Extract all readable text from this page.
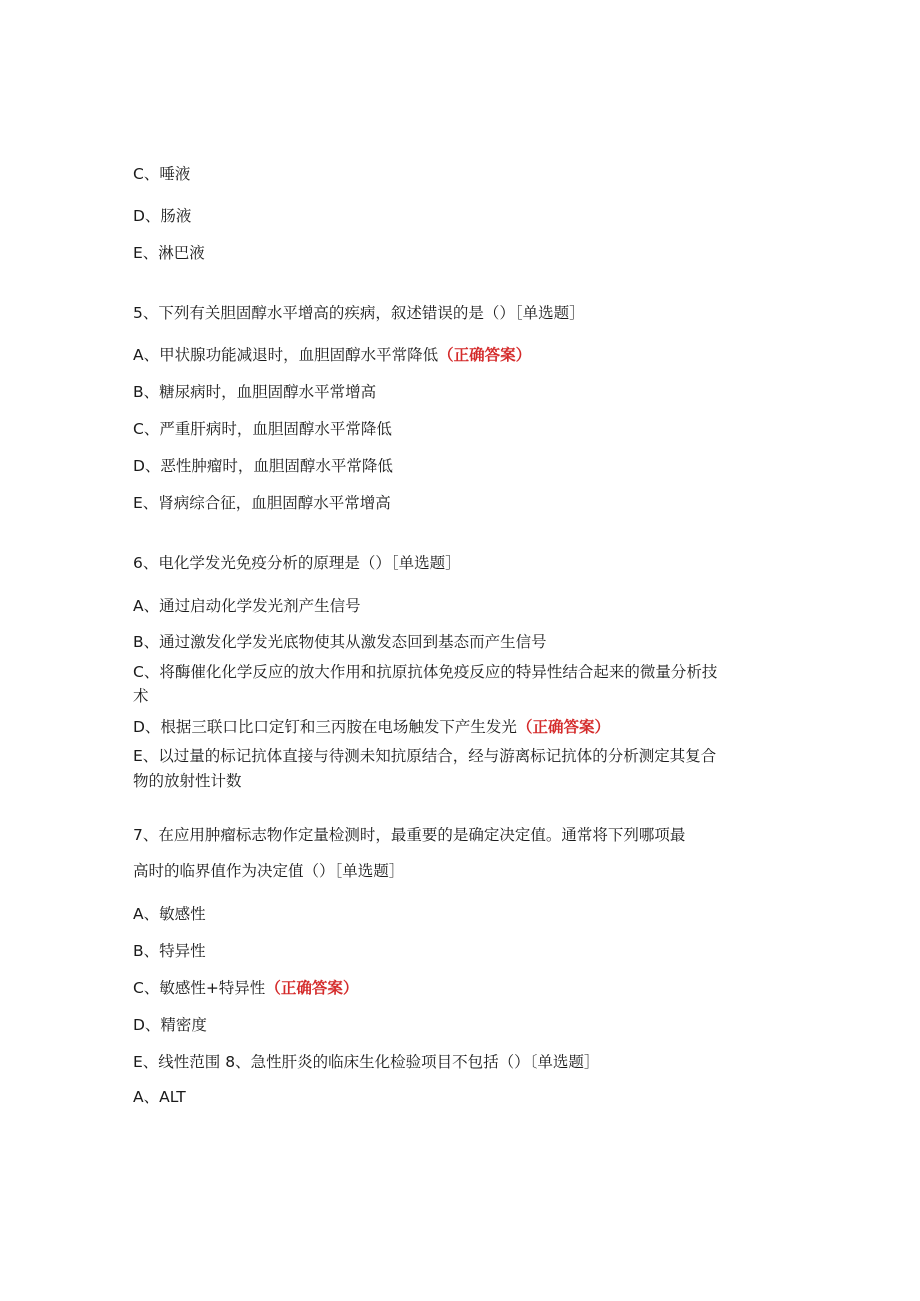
C、唾液
D、肠液
E、淋巴液
5、下列有关胆固醇水平增高的疾病，叙述错误的是（）［单选题］
A、甲状腺功能减退时，血胆固醇水平常降低（正确答案）
B、糖尿病时，血胆固醇水平常增高
C、严重肝病时，血胆固醇水平常降低
D、恶性肿瘤时，血胆固醇水平常降低
E、肾病综合征，血胆固醇水平常增高
6、电化学发光免疫分析的原理是（）［单选题］
A、通过启动化学发光剂产生信号
B、通过激发化学发光底物使其从激发态回到基态而产生信号
C、将酶催化化学反应的放大作用和抗原抗体免疫反应的特异性结合起来的微量分析技
术
D、根据三联口比口定钉和三丙胺在电场触发下产生发光（正确答案）
E、以过量的标记抗体直接与待测未知抗原结合，经与游离标记抗体的分析测定其复合
物的放射性计数
7、在应用肿瘤标志物作定量检测时，最重要的是确定决定值。通常将下列哪项最
高时的临界值作为决定值（）［单选题］
A、敏感性
B、特异性
C、敏感性+特异性（正确答案）
D、精密度
E、线性范围 8、急性肝炎的临床生化检验项目不包括（）〔单选题］
A、ALT
